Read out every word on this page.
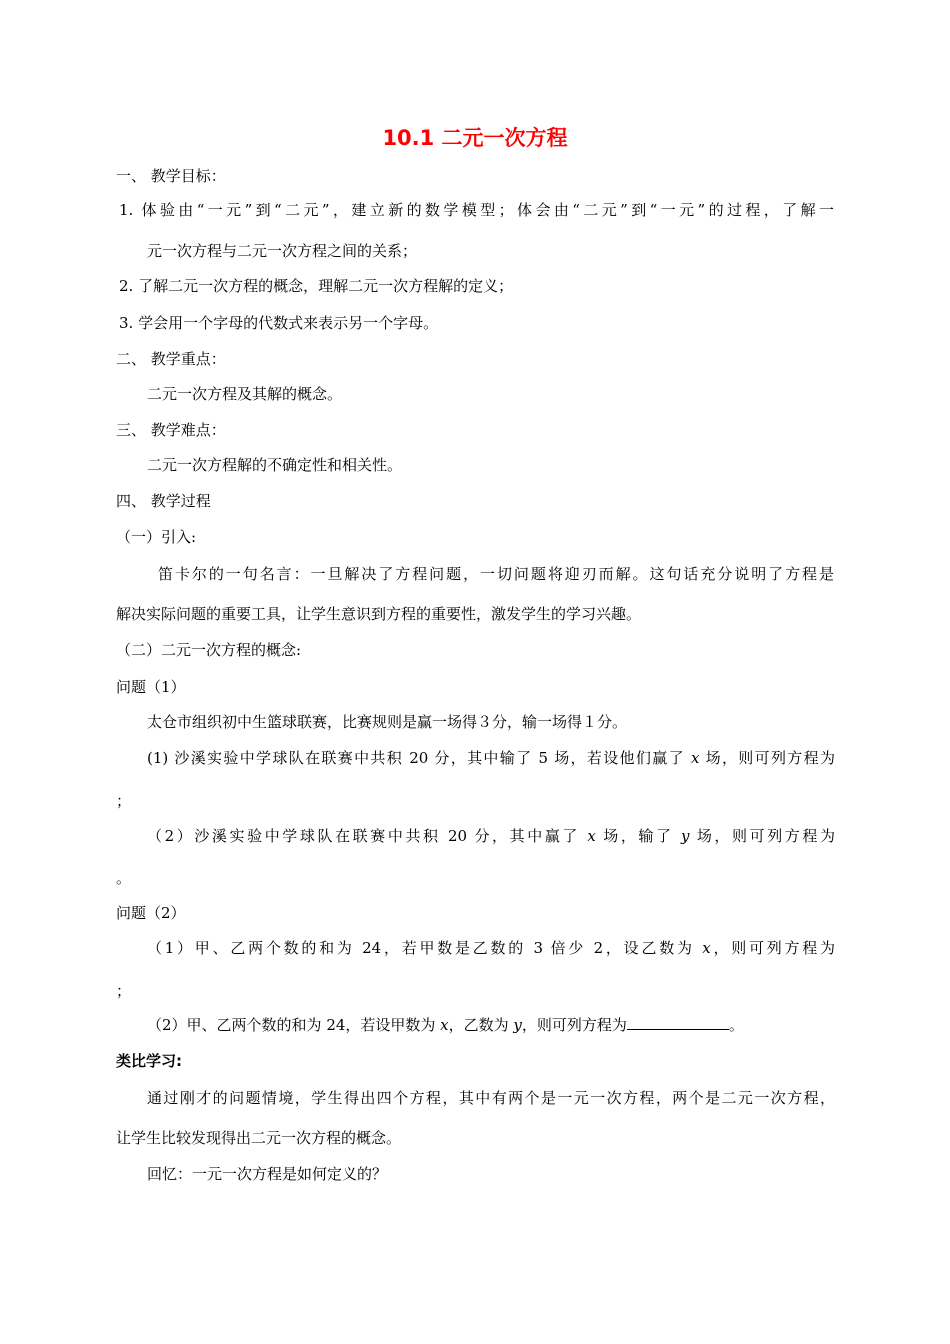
10.1 二元一次方程
一、 教学目标：
1. 体验由“一元”到“二元”，建立新的数学模型；体会由“二元”到“一元”的过程，了解一
元一次方程与二元一次方程之间的关系；
2. 了解二元一次方程的概念，理解二元一次方程解的定义；
3. 学会用一个字母的代数式来表示另一个字母。
二、 教学重点：
二元一次方程及其解的概念。
三、 教学难点：
二元一次方程解的不确定性和相关性。
四、 教学过程
（一）引入:
笛卡尔的一句名言：一旦解决了方程问题，一切问题将迎刃而解。这句话充分说明了方程是
解决实际问题的重要工具，让学生意识到方程的重要性，激发学生的学习兴趣。
（二）二元一次方程的概念:
问题（1）
太仓市组织初中生篮球联赛，比赛规则是赢一场得３分，输一场得１分。
(1) 沙溪实验中学球队在联赛中共积 20 分，其中输了 5 场，若设他们赢了 x 场，则可列方程为
；
（2）沙溪实验中学球队在联赛中共积 20 分，其中赢了 x 场，输了 y 场，则可列方程为
。
问题（2）
（1）甲、乙两个数的和为 24，若甲数是乙数的 3 倍少 2，设乙数为 x，则可列方程为
；
（2）甲、乙两个数的和为 24，若设甲数为 x，乙数为 y，则可列方程为	。
类比学习:
通过刚才的问题情境，学生得出四个方程，其中有两个是一元一次方程，两个是二元一次方程，
让学生比较发现得出二元一次方程的概念。
回忆：一元一次方程是如何定义的？
